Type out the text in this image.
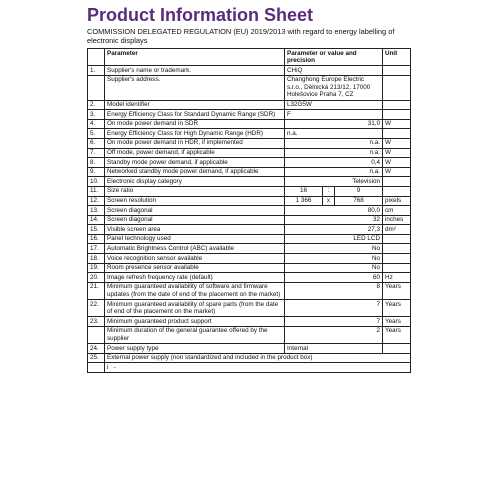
Product Information Sheet
COMMISSION DELEGATED REGULATION (EU) 2019/2013 with regard to energy labelling of electronic displays
	Parameter	Parameter or value and precision			Unit
1.	Supplier's name or trademark.	CHiQ			
	Supplier's address.	Changhong Europe Electric s.r.o., Dělnická 213/12, 17000 Holešovice Praha 7, CZ			
2.	Model identifier	L32G5W			
3.	Energy Efficiency Class for Standard Dynamic Range (SDR)	F			
4.	On mode power demand in SDR	31,0			W
5.	Energy Efficiency Class for High Dynamic Range (HDR)	n.a.			
6.	On mode power demand in HDR, if implemented	n.a.			W
7.	Off mode, power demand, if applicable	n.a.			W
8.	Standby mode power demand, if applicable	0,4			W
9.	Networked standby mode power demand, if applicable	n.a.			W
10.	Electronic display category	Television			
11.	Size ratio	16	:	9	
12.	Screen resolution	1 366	x	768	pixels
13.	Screen diagonal	80,0			cm
14.	Screen diagonal	32			inches
15.	Visible screen area	27,3			dm²
16.	Panel technology used	LED LCD			
17.	Automatic Brightness Control (ABC) available	No			
18.	Voice recognition sensor available	No			
19.	Room presence sensor available	No			
20.	Image refresh frequency rate (default)	60			Hz
21.	Minimum guaranteed availability of software and firmware updates (from the date of end of the placement on the market)	8			Years
22.	Minimum guaranteed availability of spare parts (from the date of end of the placement on the market)	7			Years
23.	Minimum guaranteed product support	7			Years
	Minimum duration of the general guarantee offered by the supplier	2			Years
24.	Power supply type	Internal			
25.	External power supply (non standardized and included in the product box)				
	i -				
